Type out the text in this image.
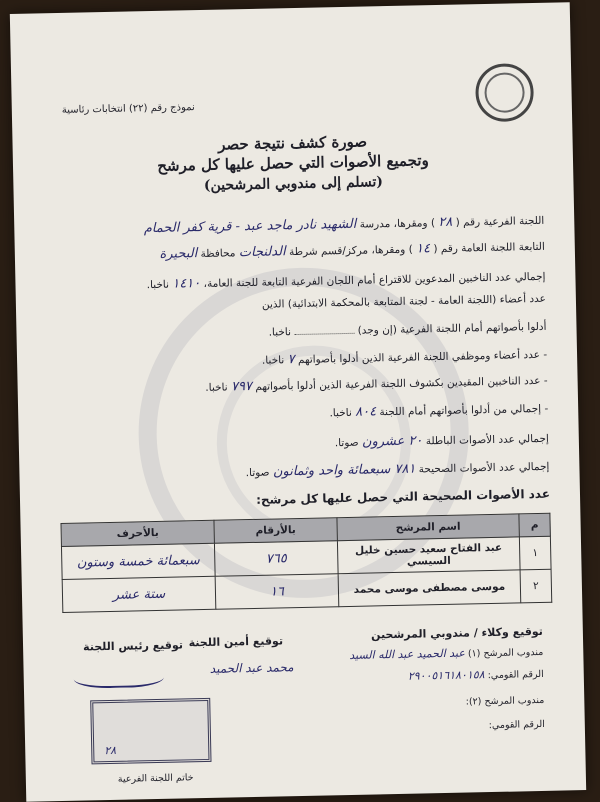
نموذج رقم (٢٢) انتخابات رئاسية
صورة كشف نتيجة حصر
وتجميع الأصوات التي حصل عليها كل مرشح
(تسلم إلى مندوبي المرشحين)
اللجنة الفرعية رقم ( ٢٨ ) ومقرها، مدرسة الشهيد نادر ماجد عبد - قرية كفر الحمام
التابعة اللجنة العامة رقم ( ١٤ ) ومقرها، مركز/قسم شرطة الدلنجات محافظة البحيرة
إجمالي عدد الناخبين المدعوين للاقتراع أمام اللجان الفرعية التابعة للجنة العامة، ١٤١٠ ناخبا.
عدد أعضاء (اللجنة العامة - لجنة المتابعة بالمحكمة الابتدائية) الذين
أدلوا بأصواتهم أمام اللجنة الفرعية (إن وجد)  ناخبا.
- عدد أعضاء وموظفي اللجنة الفرعية الذين أدلوا بأصواتهم ٧ ناخبا.
- عدد الناخبين المقيدين بكشوف اللجنة الفرعية الذين أدلوا بأصواتهم ٧٩٧ ناخبا.
- إجمالي من أدلوا بأصواتهم أمام اللجنة ٨٠٤ ناخبا.
إجمالي عدد الأصوات الباطلة ٢٠ عشرون صوتا.
إجمالي عدد الأصوات الصحيحة ٧٨١ سبعمائة واحد وثمانون صوتا.
عدد الأصوات الصحيحة التي حصل عليها كل مرشح:
م	اسم المرشح	بالأرقام	بالأحرف
١	عبد الفتاح سعيد حسين خليل السيسي	٧٦٥	سبعمائة خمسة وستون
٢	موسى مصطفى موسى محمد	١٦	ستة عشر
توقيع وكلاء / مندوبي المرشحين
مندوب المرشح (١) عبد الحميد عبد الله السيد
الرقم القومي: ٢٩٠٠٥١٦١٨٠١٥٨
مندوب المرشح (٢):
الرقم القومي:
توقيع أمين اللجنة
محمد عبد الحميد
توقيع رئيس اللجنة
٢٨
خاتم اللجنة الفرعية
